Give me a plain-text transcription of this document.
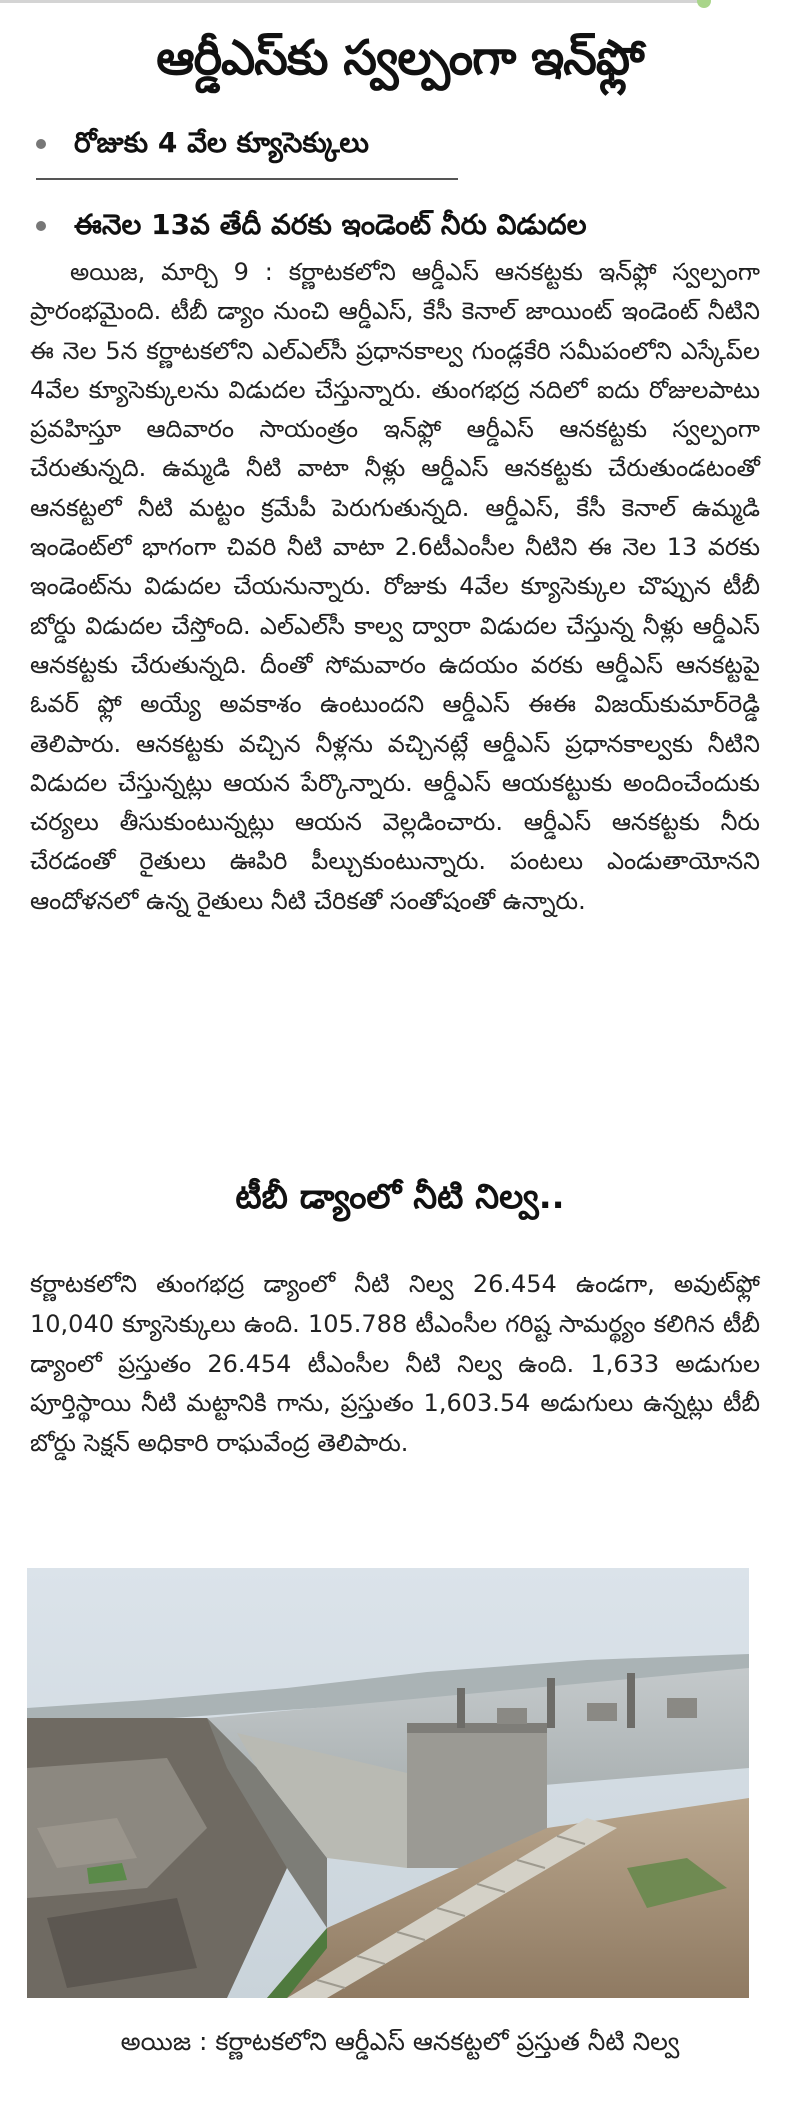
ఆర్డీఎస్‌కు స్వల్పంగా ఇన్‌ఫ్లో
రోజుకు 4 వేల క్యూసెక్కులు
ఈనెల 13వ తేదీ వరకు ఇండెంట్‌ నీరు విడుదల
అయిజ, మార్చి 9 : కర్ణాటకలోని ఆర్డీఎస్‌ ఆనకట్టకు ఇన్‌ఫ్లో స్వల్పంగా ప్రారంభమైంది. టీబీ డ్యాం నుంచి ఆర్డీఎస్‌, కేసీ కెనాల్‌ జాయింట్‌ ఇండెంట్‌ నీటిని ఈ నెల 5న కర్ణాటకలోని ఎల్‌ఎల్‌సీ ప్రధానకాల్వ గుండ్లకేరి సమీపంలోని ఎస్కేప్‌ల 4వేల క్యూసెక్కులను విడుదల చేస్తున్నారు. తుంగభద్ర నదిలో ఐదు రోజులపాటు ప్రవహిస్తూ ఆదివారం సాయంత్రం ఇన్‌ఫ్లో ఆర్డీఎస్‌ ఆనకట్టకు స్వల్పంగా చేరుతున్నది. ఉమ్మడి నీటి వాటా నీళ్లు ఆర్డీఎస్‌ ఆనకట్టకు చేరుతుండటంతో ఆనకట్టలో నీటి మట్టం క్రమేపీ పెరుగుతున్నది. ఆర్డీఎస్‌, కేసీ కెనాల్‌ ఉమ్మడి ఇండెంట్‌లో భాగంగా చివరి నీటి వాటా 2.6టీఎంసీల నీటిని ఈ నెల 13 వరకు ఇండెంట్‌ను విడుదల చేయనున్నారు. రోజుకు 4వేల క్యూసెక్కుల చొప్పున టీబీ బోర్డు విడుదల చేస్తోంది. ఎల్‌ఎల్‌సీ కాల్వ ద్వారా విడుదల చేస్తున్న నీళ్లు ఆర్డీఎస్‌ ఆనకట్టకు చేరుతున్నది. దీంతో సోమవారం ఉదయం వరకు ఆర్డీఎస్‌ ఆనకట్టపై ఓవర్‌ ఫ్లో అయ్యే అవకాశం ఉంటుందని ఆర్డీఎస్‌ ఈఈ విజయ్‌కుమార్‌రెడ్డి తెలిపారు. ఆనకట్టకు వచ్చిన నీళ్లను వచ్చినట్లే ఆర్డీఎస్‌ ప్రధానకాల్వకు నీటిని విడుదల చేస్తున్నట్లు ఆయన పేర్కొన్నారు. ఆర్డీఎస్‌ ఆయకట్టుకు అందించేందుకు చర్యలు తీసుకుంటున్నట్లు ఆయన వెల్లడించారు. ఆర్డీఎస్‌ ఆనకట్టకు నీరు చేరడంతో రైతులు ఊపిరి పీల్చుకుంటున్నారు. పంటలు ఎండుతాయోనని ఆందోళనలో ఉన్న రైతులు నీటి చేరికతో సంతోషంతో ఉన్నారు.
టీబీ డ్యాంలో నీటి నిల్వ..
కర్ణాటకలోని తుంగభద్ర డ్యాంలో నీటి నిల్వ 26.454 ఉండగా, అవుట్‌ఫ్లో 10,040 క్యూసెక్కులు ఉంది. 105.788 టీఎంసీల గరిష్ట సామర్థ్యం కలిగిన టీబీ డ్యాంలో ప్రస్తుతం 26.454 టీఎంసీల నీటి నిల్వ ఉంది. 1,633 అడుగుల పూర్తిస్థాయి నీటి మట్టానికి గాను, ప్రస్తుతం 1,603.54 అడుగులు ఉన్నట్లు టీబీ బోర్డు సెక్షన్‌ అధికారి రాఘవేంద్ర తెలిపారు.
అయిజ : కర్ణాటకలోని ఆర్డీఎస్‌ ఆనకట్టలో ప్రస్తుత నీటి నిల్వ
